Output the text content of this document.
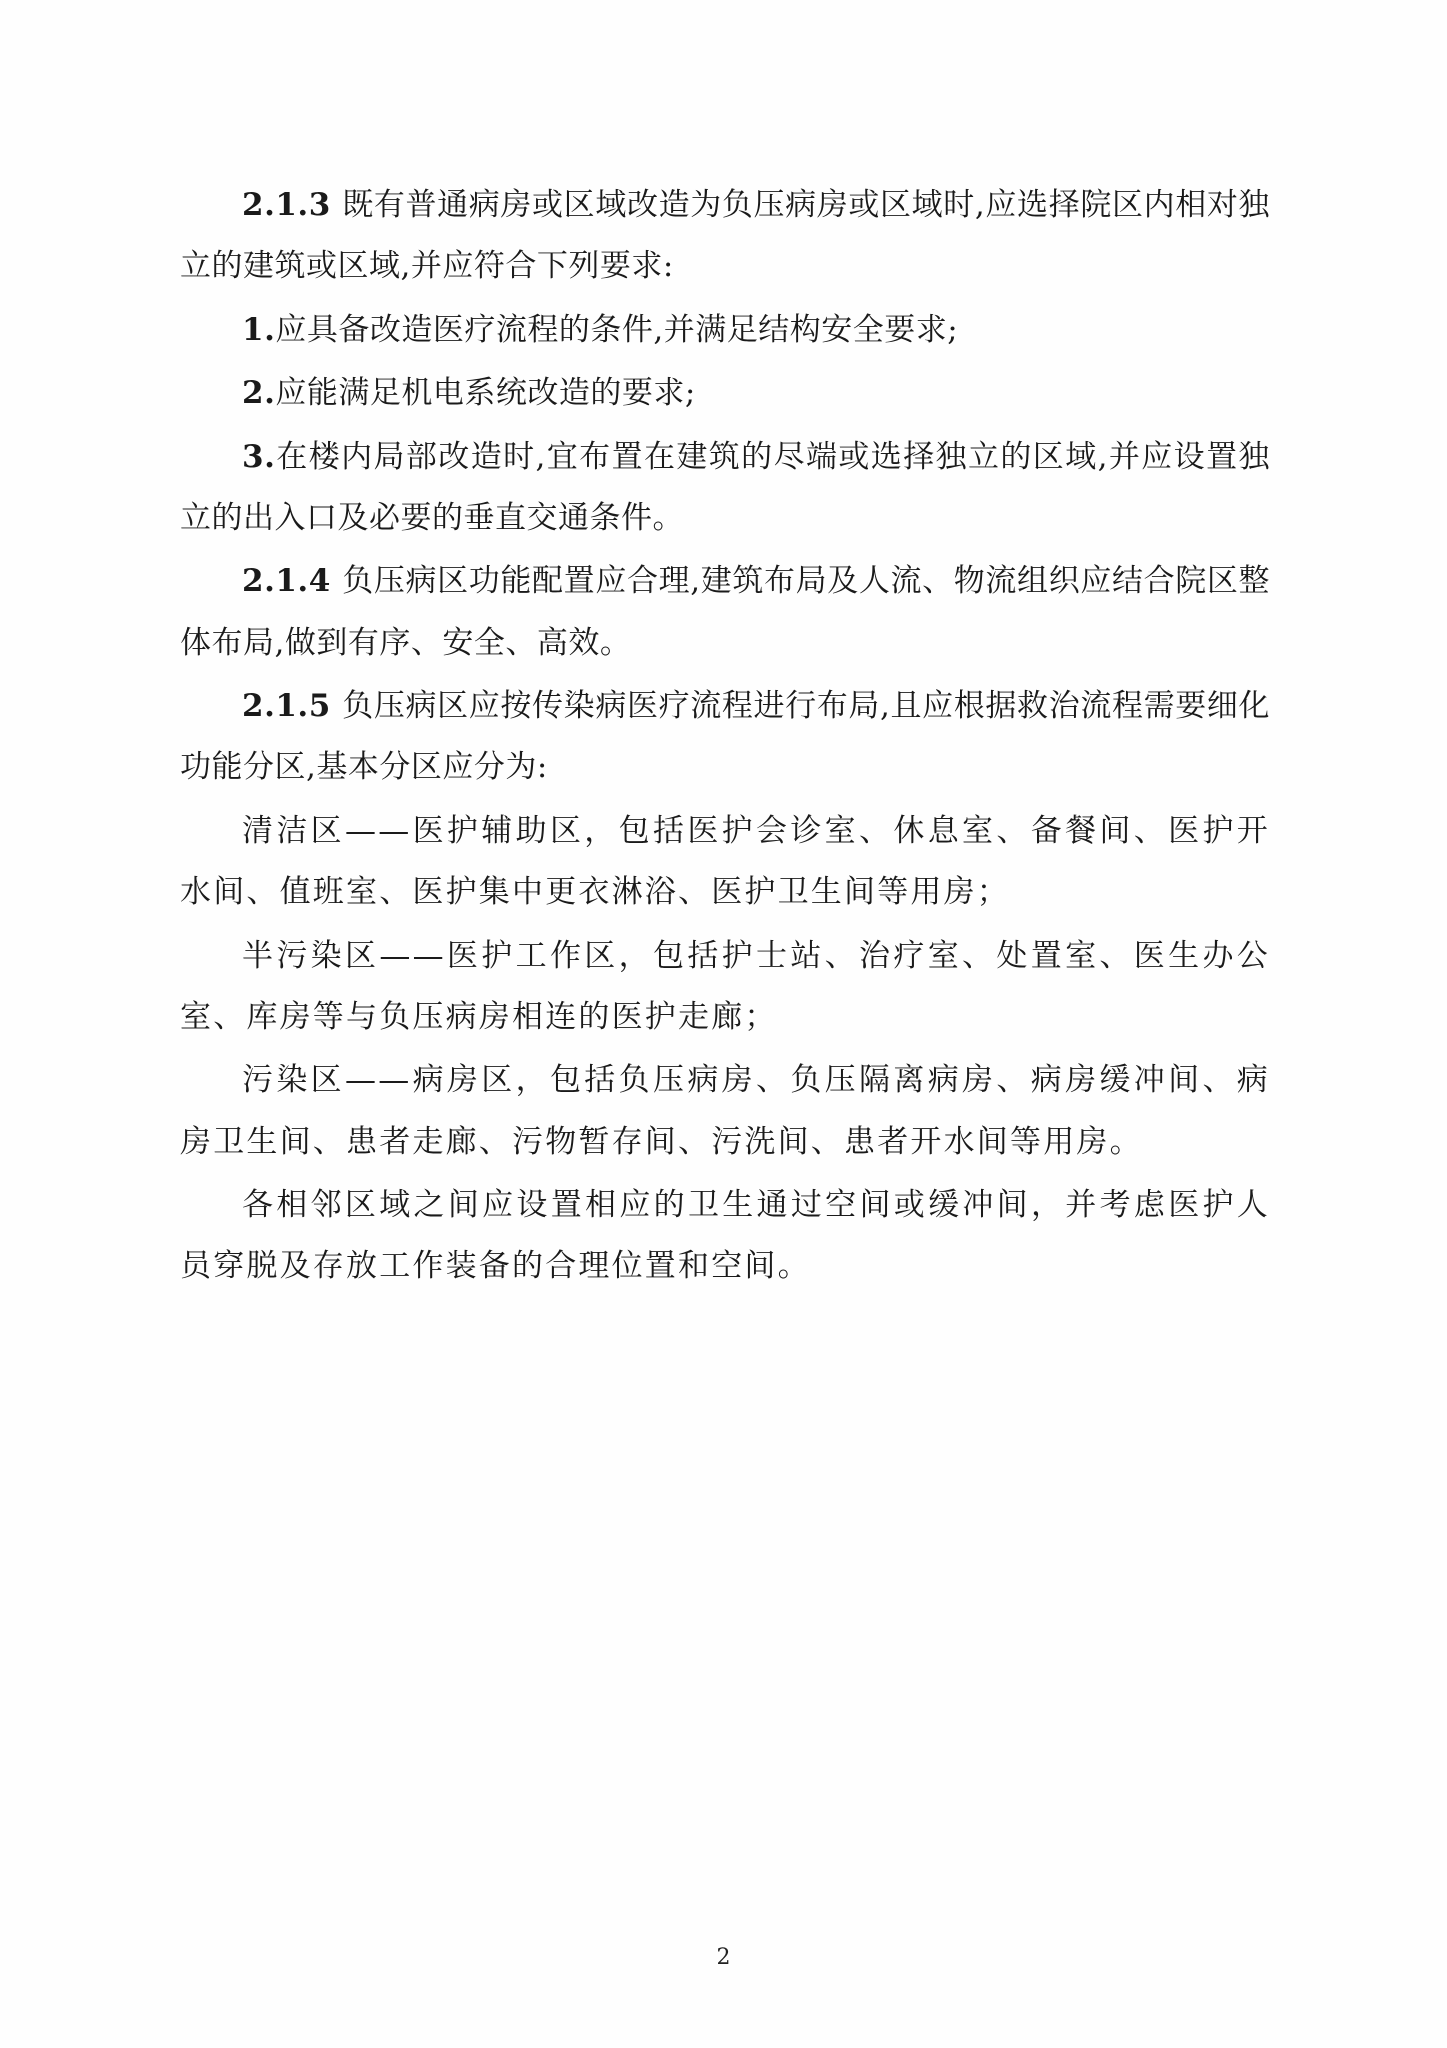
2.1.3 既有普通病房或区域改造为负压病房或区域时,应选择院区内相对独立的建筑或区域,并应符合下列要求:

1.应具备改造医疗流程的条件,并满足结构安全要求;

2.应能满足机电系统改造的要求;

3.在楼内局部改造时,宜布置在建筑的尽端或选择独立的区域,并应设置独立的出入口及必要的垂直交通条件。

2.1.4 负压病区功能配置应合理,建筑布局及人流、物流组织应结合院区整体布局,做到有序、安全、高效。

2.1.5 负压病区应按传染病医疗流程进行布局,且应根据救治流程需要细化功能分区,基本分区应分为:

清洁区——医护辅助区，包括医护会诊室、休息室、备餐间、医护开水间、值班室、医护集中更衣淋浴、医护卫生间等用房；

半污染区——医护工作区，包括护士站、治疗室、处置室、医生办公室、库房等与负压病房相连的医护走廊；

污染区——病房区，包括负压病房、负压隔离病房、病房缓冲间、病房卫生间、患者走廊、污物暂存间、污洗间、患者开水间等用房。

各相邻区域之间应设置相应的卫生通过空间或缓冲间，并考虑医护人员穿脱及存放工作装备的合理位置和空间。

2
